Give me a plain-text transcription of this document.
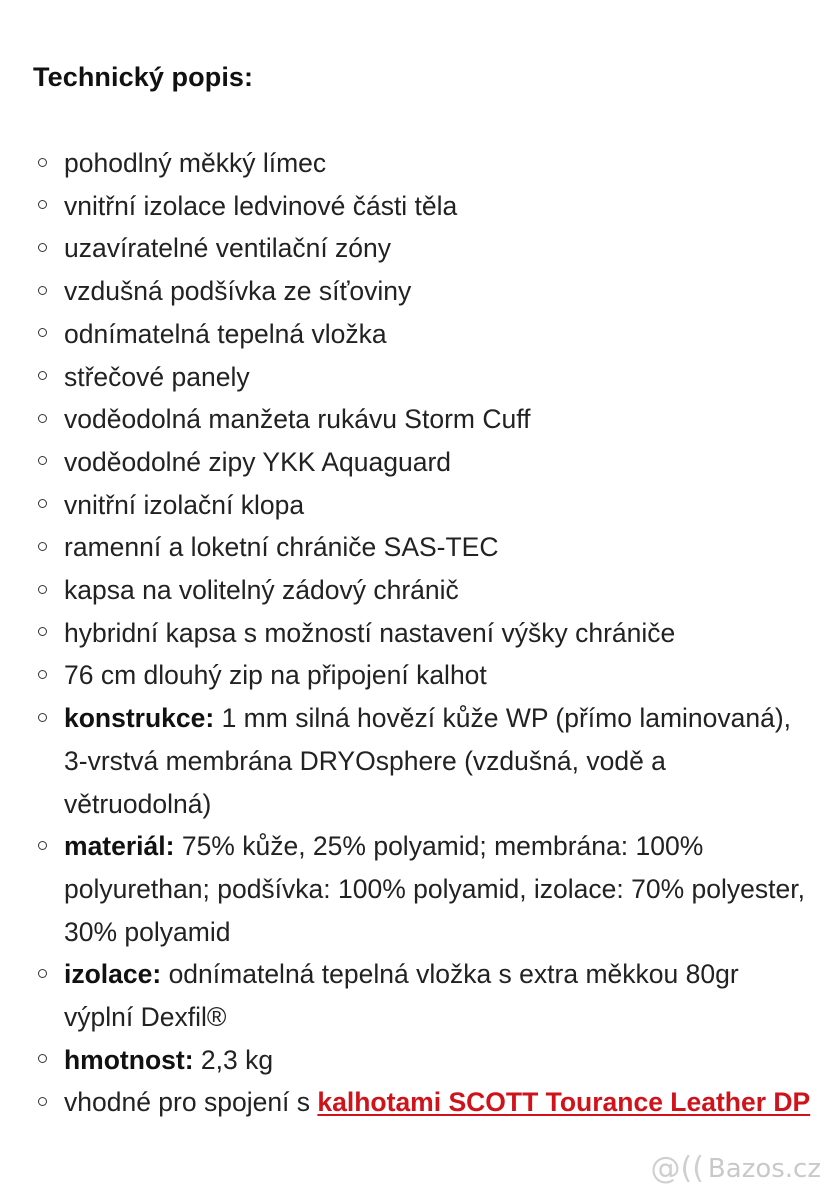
Technický popis:
pohodlný měkký límec
vnitřní izolace ledvinové části těla
uzavíratelné ventilační zóny
vzdušná podšívka ze síťoviny
odnímatelná tepelná vložka
střečové panely
voděodolná manžeta rukávu Storm Cuff
voděodolné zipy YKK Aquaguard
vnitřní izolační klopa
ramenní a loketní chrániče SAS-TEC
kapsa na volitelný zádový chránič
hybridní kapsa s možností nastavení výšky chrániče
76 cm dlouhý zip na připojení kalhot
konstrukce: 1 mm silná hovězí kůže WP (přímo laminovaná), 3-vrstvá membrána DRYOsphere (vzdušná, vodě a větruodolná)
materiál: 75% kůže, 25% polyamid; membrána: 100% polyurethan; podšívka: 100% polyamid, izolace: 70% polyester, 30% polyamid
izolace: odnímatelná tepelná vložka s extra měkkou 80gr výplní Dexfil®
hmotnost: 2,3 kg
vhodné pro spojení s kalhotami SCOTT Tourance Leather DP
@(( Bazos.cz
